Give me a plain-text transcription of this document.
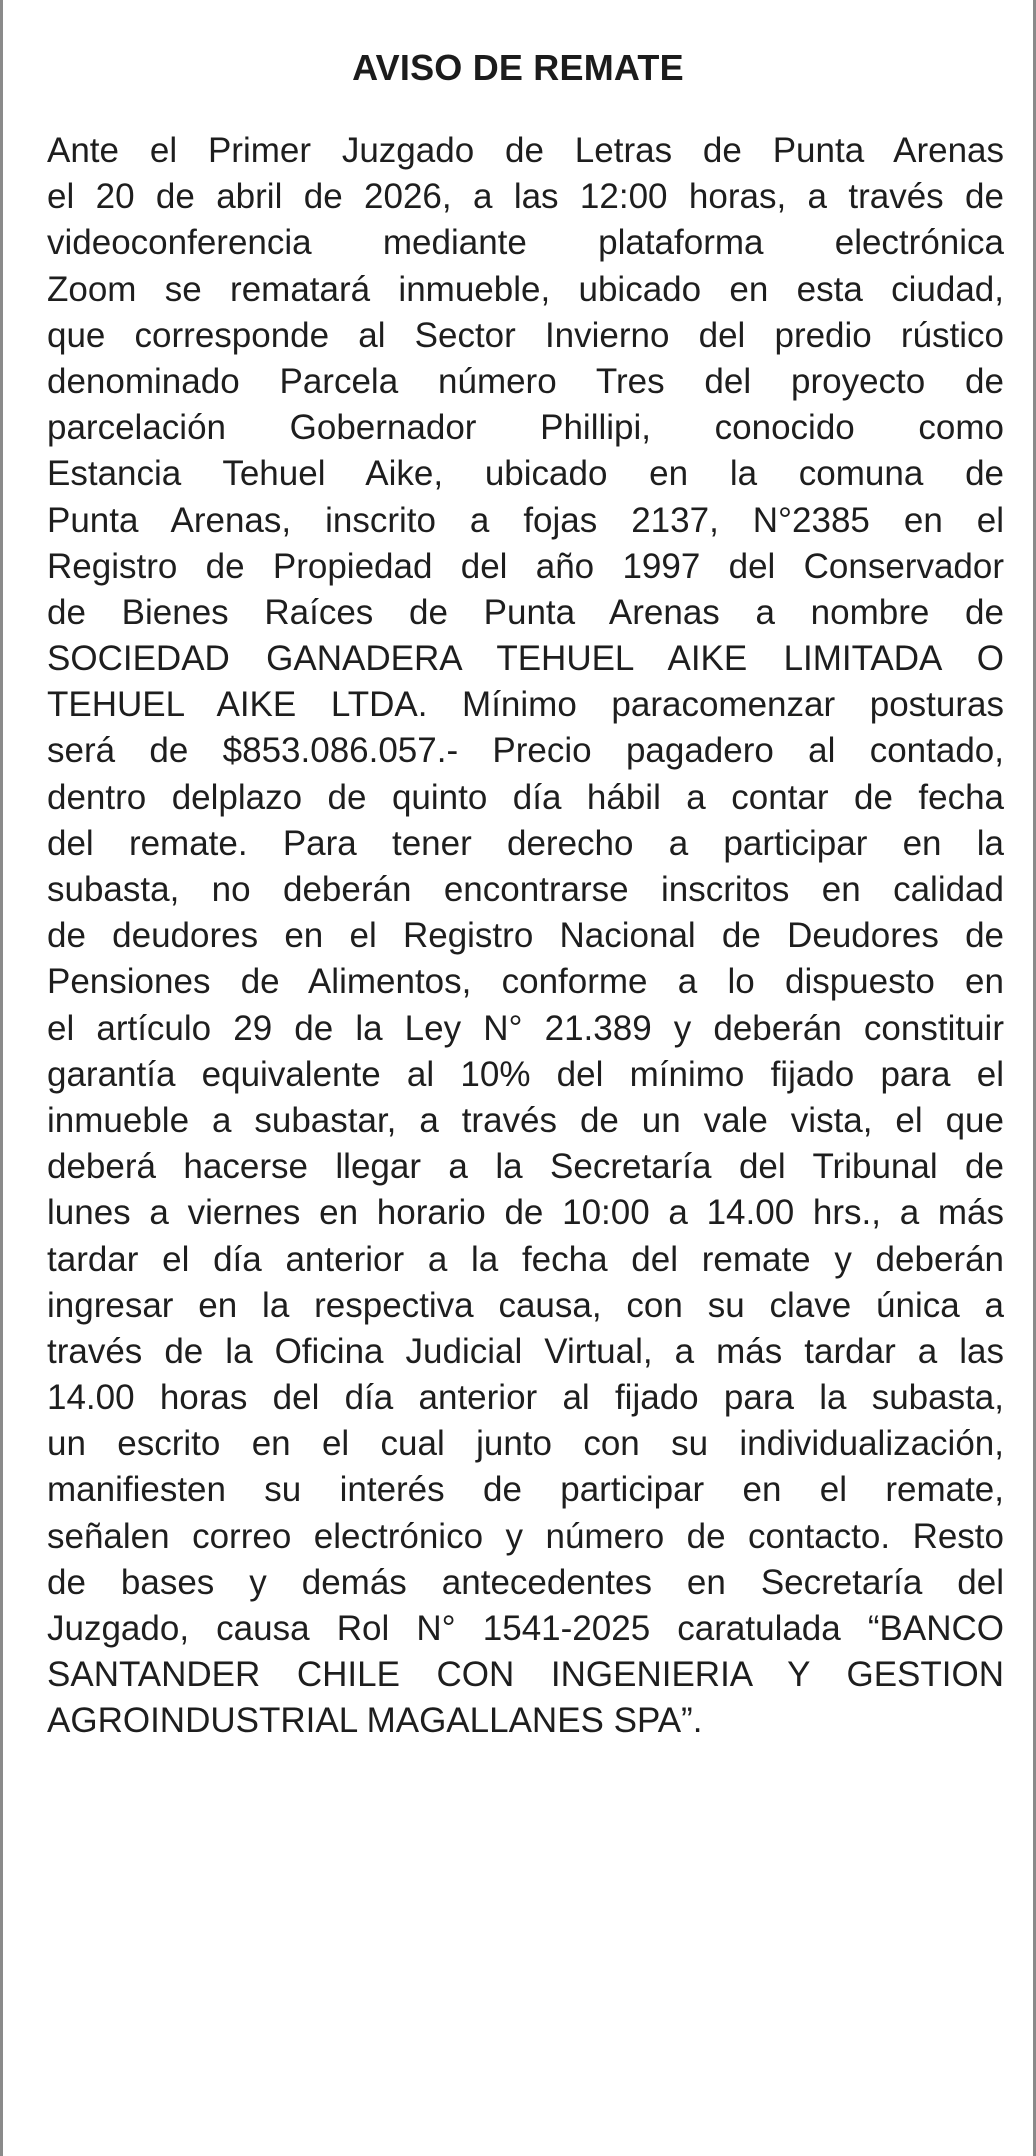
AVISO DE REMATE
Ante el Primer Juzgado de Letras de Punta Arenas
el 20 de abril de 2026, a las 12:00 horas, a través de
videoconferencia mediante plataforma electrónica
Zoom se rematará inmueble, ubicado en esta ciudad,
que corresponde al Sector Invierno del predio rústico
denominado Parcela número Tres del proyecto de
parcelación Gobernador Phillipi, conocido como
Estancia Tehuel Aike, ubicado en la comuna de
Punta Arenas, inscrito a fojas 2137, N°2385 en el
Registro de Propiedad del año 1997 del Conservador
de Bienes Raíces de Punta Arenas a nombre de
SOCIEDAD GANADERA TEHUEL AIKE LIMITADA O
TEHUEL AIKE LTDA. Mínimo paracomenzar posturas
será de $853.086.057.- Precio pagadero al contado,
dentro delplazo de quinto día hábil a contar de fecha
del remate. Para tener derecho a participar en la
subasta, no deberán encontrarse inscritos en calidad
de deudores en el Registro Nacional de Deudores de
Pensiones de Alimentos, conforme a lo dispuesto en
el artículo 29 de la Ley N° 21.389 y deberán constituir
garantía equivalente al 10% del mínimo fijado para el
inmueble a subastar, a través de un vale vista, el que
deberá hacerse llegar a la Secretaría del Tribunal de
lunes a viernes en horario de 10:00 a 14.00 hrs., a más
tardar el día anterior a la fecha del remate y deberán
ingresar en la respectiva causa, con su clave única a
través de la Oficina Judicial Virtual, a más tardar a las
14.00 horas del día anterior al fijado para la subasta,
un escrito en el cual junto con su individualización,
manifiesten su interés de participar en el remate,
señalen correo electrónico y número de contacto. Resto
de bases y demás antecedentes en Secretaría del
Juzgado, causa Rol N° 1541-2025 caratulada “BANCO
SANTANDER CHILE CON INGENIERIA Y GESTION
AGROINDUSTRIAL MAGALLANES SPA”.
